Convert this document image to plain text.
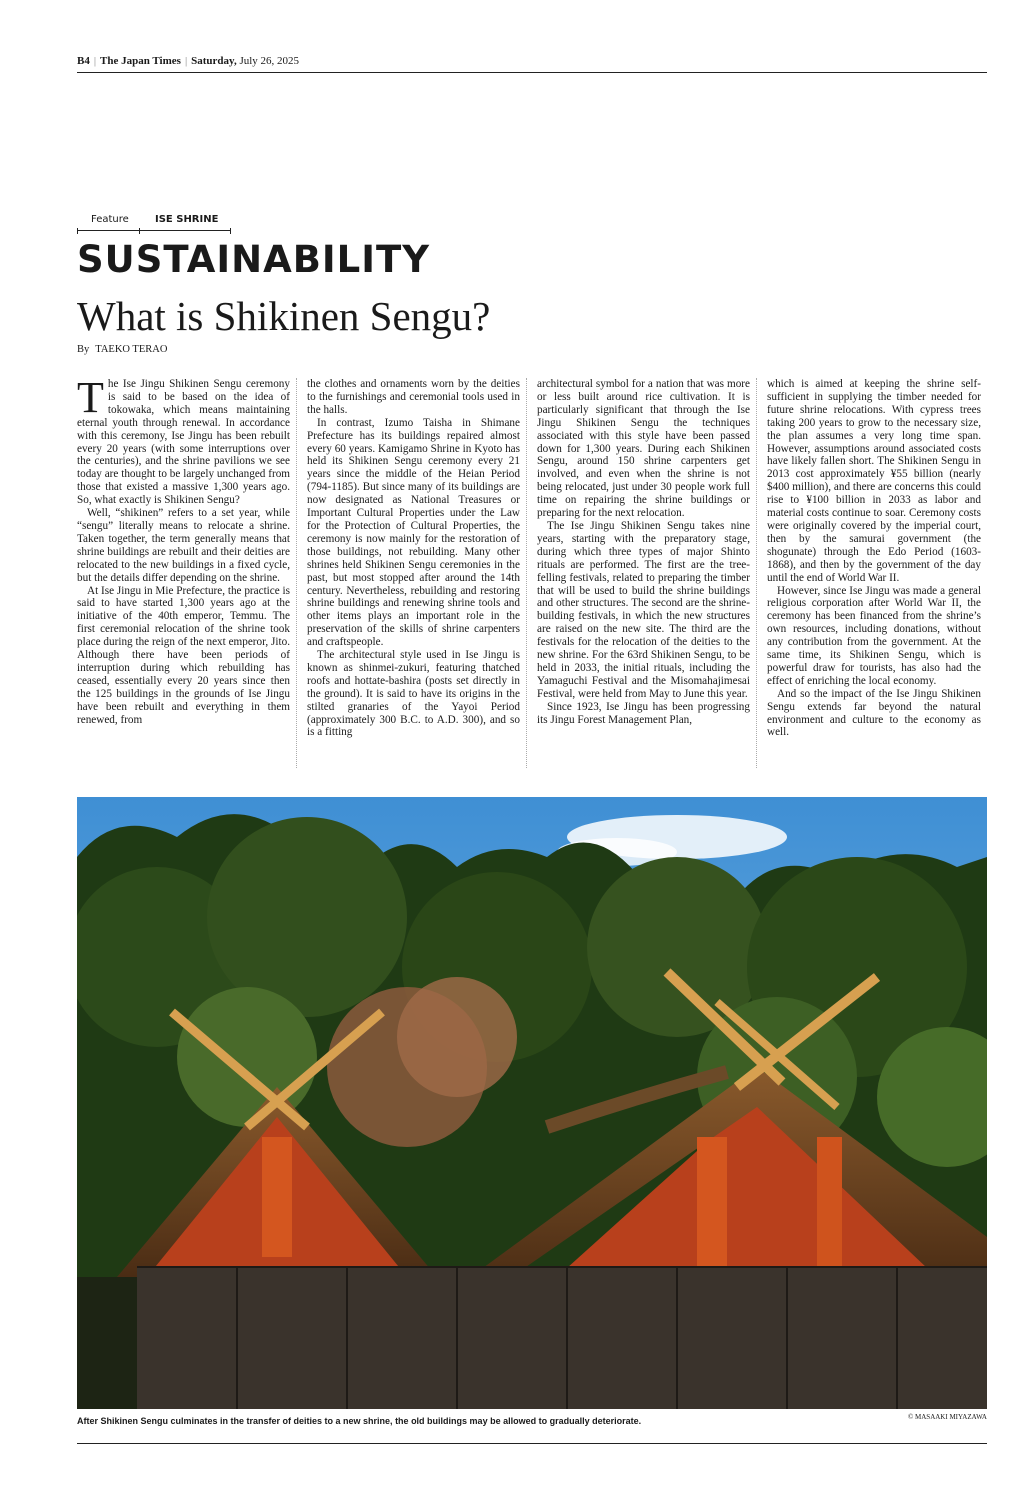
B4 | The Japan Times | Saturday, July 26, 2025
Feature	ISE SHRINE
SUSTAINABILITY
What is Shikinen Sengu?
By TAEKO TERAO

The Ise Jingu Shikinen Sengu ceremony is said to be based on the idea of tokowaka, which means maintaining eternal youth through renewal. In accordance with this ceremony, Ise Jingu has been rebuilt every 20 years (with some interruptions over the centuries), and the shrine pavilions we see today are thought to be largely unchanged from those that existed a massive 1,300 years ago. So, what exactly is Shikinen Sengu?

Well, “shikinen” refers to a set year, while “sengu” literally means to relocate a shrine. Taken together, the term generally means that shrine buildings are rebuilt and their deities are relocated to the new buildings in a fixed cycle, but the details differ depending on the shrine.

At Ise Jingu in Mie Prefecture, the practice is said to have started 1,300 years ago at the initiative of the 40th emperor, Temmu. The first ceremonial relocation of the shrine took place during the reign of the next emperor, Jito. Although there have been periods of interruption during which rebuilding has ceased, essentially every 20 years since then the 125 buildings in the grounds of Ise Jingu have been rebuilt and everything in them renewed, from

the clothes and ornaments worn by the deities to the furnishings and ceremonial tools used in the halls.

In contrast, Izumo Taisha in Shimane Prefecture has its buildings repaired almost every 60 years. Kamigamo Shrine in Kyoto has held its Shikinen Sengu ceremony every 21 years since the middle of the Heian Period (794-1185). But since many of its buildings are now designated as National Treasures or Important Cultural Properties under the Law for the Protection of Cultural Properties, the ceremony is now mainly for the restoration of those buildings, not rebuilding. Many other shrines held Shikinen Sengu ceremonies in the past, but most stopped after around the 14th century. Nevertheless, rebuilding and restoring shrine buildings and renewing shrine tools and other items plays an important role in the preservation of the skills of shrine carpenters and craftspeople.

The architectural style used in Ise Jingu is known as shinmei-zukuri, featuring thatched roofs and hottate-bashira (posts set directly in the ground). It is said to have its origins in the stilted granaries of the Yayoi Period (approximately 300 B.C. to A.D. 300), and so is a fitting

architectural symbol for a nation that was more or less built around rice cultivation. It is particularly significant that through the Ise Jingu Shikinen Sengu the techniques associated with this style have been passed down for 1,300 years. During each Shikinen Sengu, around 150 shrine carpenters get involved, and even when the shrine is not being relocated, just under 30 people work full time on repairing the shrine buildings or preparing for the next relocation.

The Ise Jingu Shikinen Sengu takes nine years, starting with the preparatory stage, during which three types of major Shinto rituals are performed. The first are the tree-felling festivals, related to preparing the timber that will be used to build the shrine buildings and other structures. The second are the shrine-building festivals, in which the new structures are raised on the new site. The third are the festivals for the relocation of the deities to the new shrine. For the 63rd Shikinen Sengu, to be held in 2033, the initial rituals, including the Yamaguchi Festival and the Misomahajimesai Festival, were held from May to June this year.

Since 1923, Ise Jingu has been progressing its Jingu Forest Management Plan,

which is aimed at keeping the shrine self-sufficient in supplying the timber needed for future shrine relocations. With cypress trees taking 200 years to grow to the necessary size, the plan assumes a very long time span. However, assumptions around associated costs have likely fallen short. The Shikinen Sengu in 2013 cost approximately ¥55 billion (nearly $400 million), and there are concerns this could rise to ¥100 billion in 2033 as labor and material costs continue to soar. Ceremony costs were originally covered by the imperial court, then by the samurai government (the shogunate) through the Edo Period (1603-1868), and then by the government of the day until the end of World War II.

However, since Ise Jingu was made a general religious corporation after World War II, the ceremony has been financed from the shrine’s own resources, including donations, without any contribution from the government. At the same time, its Shikinen Sengu, which is powerful draw for tourists, has also had the effect of enriching the local economy.

And so the impact of the Ise Jingu Shikinen Sengu extends far beyond the natural environment and culture to the economy as well.

After Shikinen Sengu culminates in the transfer of deities to a new shrine, the old buildings may be allowed to gradually deteriorate.	© MASAAKI MIYAZAWA
